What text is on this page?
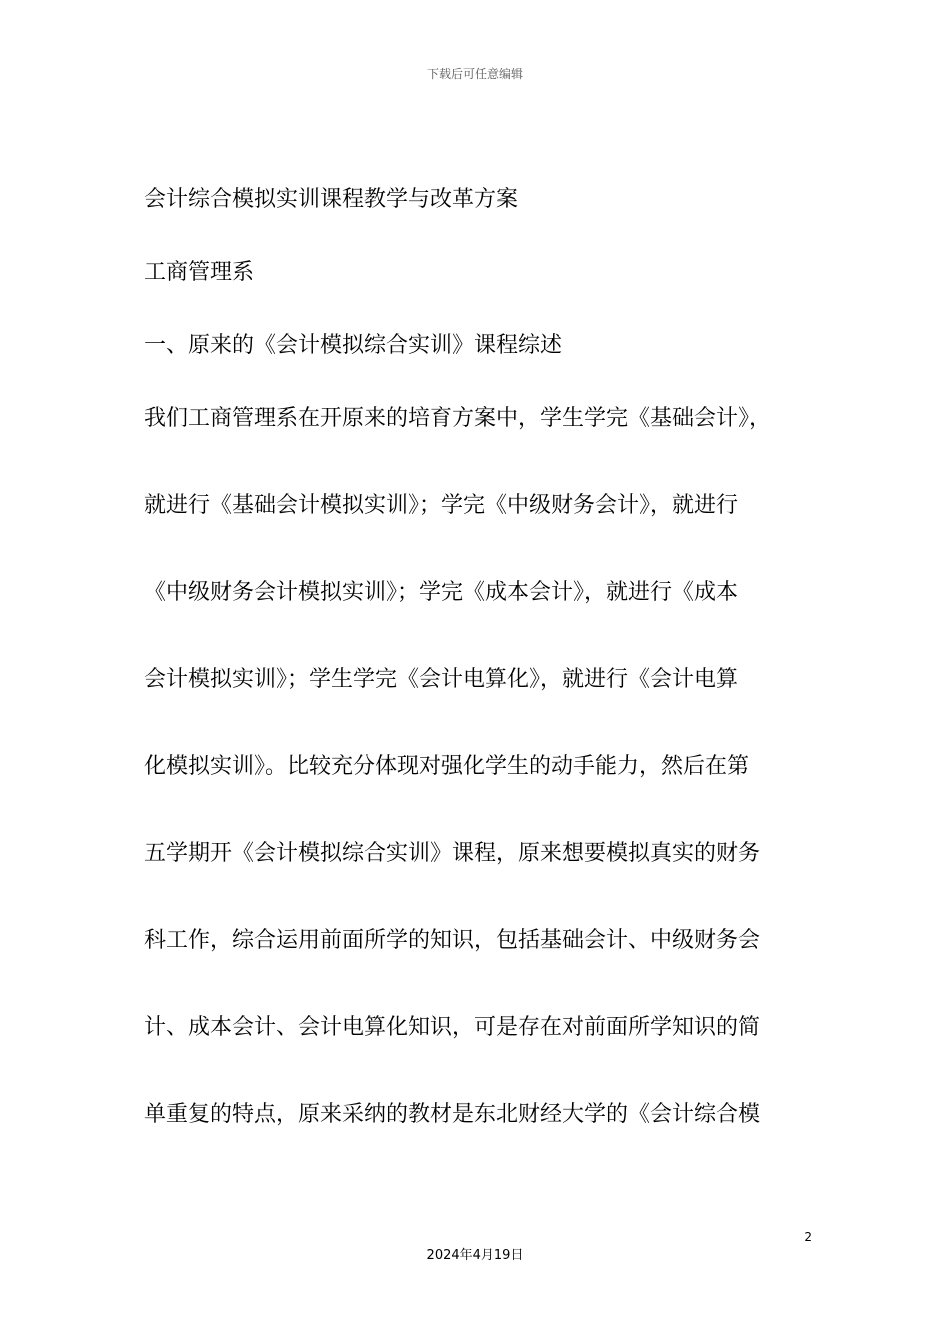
下载后可任意编辑
会计综合模拟实训课程教学与改革方案
工商管理系
一、原来的《会计模拟综合实训》课程综述
我们工商管理系在开原来的培育方案中，学生学完《基础会计》，
就进行《基础会计模拟实训》；学完《中级财务会计》，就进行
《中级财务会计模拟实训》；学完《成本会计》，就进行《成本
会计模拟实训》；学生学完《会计电算化》，就进行《会计电算
化模拟实训》。比较充分体现对强化学生的动手能力，然后在第
五学期开《会计模拟综合实训》课程，原来想要模拟真实的财务
科工作，综合运用前面所学的知识，包括基础会计、中级财务会
计、成本会计、会计电算化知识，可是存在对前面所学知识的简
单重复的特点，原来采纳的教材是东北财经大学的《会计综合模
2
2024年4月19日
